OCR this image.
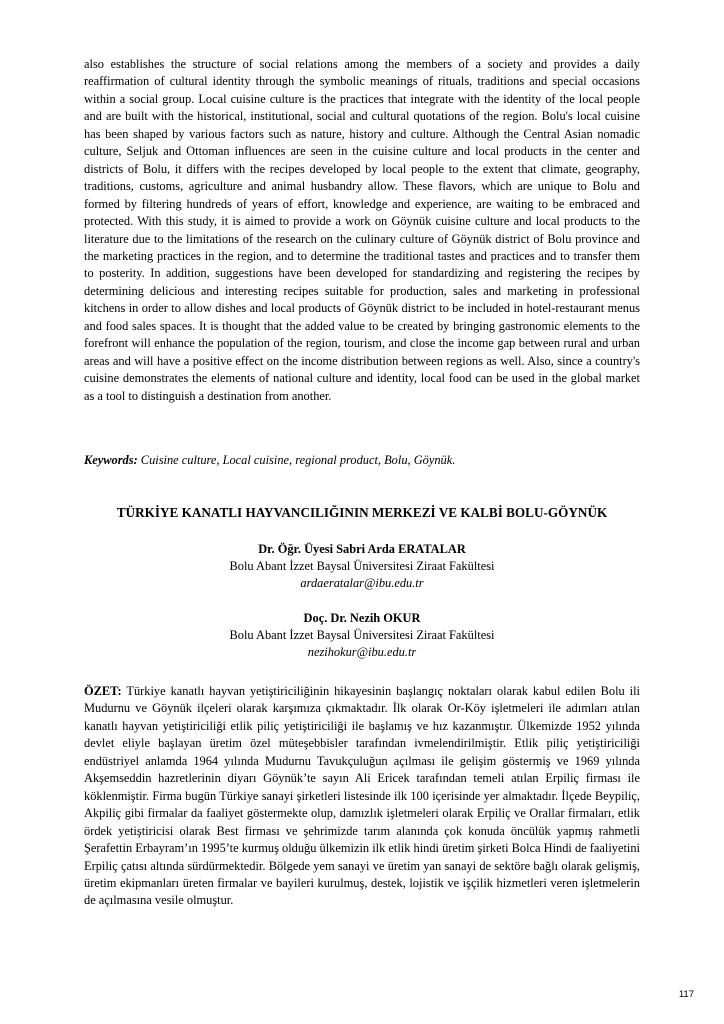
also establishes the structure of social relations among the members of a society and provides a daily reaffirmation of cultural identity through the symbolic meanings of rituals, traditions and special occasions within a social group. Local cuisine culture is the practices that integrate with the identity of the local people and are built with the historical, institutional, social and cultural quotations of the region. Bolu's local cuisine has been shaped by various factors such as nature, history and culture. Although the Central Asian nomadic culture, Seljuk and Ottoman influences are seen in the cuisine culture and local products in the center and districts of Bolu, it differs with the recipes developed by local people to the extent that climate, geography, traditions, customs, agriculture and animal husbandry allow. These flavors, which are unique to Bolu and formed by filtering hundreds of years of effort, knowledge and experience, are waiting to be embraced and protected. With this study, it is aimed to provide a work on Göynük cuisine culture and local products to the literature due to the limitations of the research on the culinary culture of Göynük district of Bolu province and the marketing practices in the region, and to determine the traditional tastes and practices and to transfer them to posterity. In addition, suggestions have been developed for standardizing and registering the recipes by determining delicious and interesting recipes suitable for production, sales and marketing in professional kitchens in order to allow dishes and local products of Göynük district to be included in hotel-restaurant menus and food sales spaces. It is thought that the added value to be created by bringing gastronomic elements to the forefront will enhance the population of the region, tourism, and close the income gap between rural and urban areas and will have a positive effect on the income distribution between regions as well. Also, since a country's cuisine demonstrates the elements of national culture and identity, local food can be used in the global market as a tool to distinguish a destination from another.

Keywords: Cuisine culture, Local cuisine, regional product, Bolu, Göynük.

TÜRKİYE KANATLI HAYVANCILIĞININ MERKEZİ VE KALBİ BOLU-GÖYNÜK
Dr. Öğr. Üyesi Sabri Arda ERATALAR
Bolu Abant İzzet Baysal Üniversitesi Ziraat Fakültesi
ardaeratalar@ibu.edu.tr
Doç. Dr. Nezih OKUR
Bolu Abant İzzet Baysal Üniversitesi Ziraat Fakültesi
nezihokur@ibu.edu.tr

ÖZET: Türkiye kanatlı hayvan yetiştiriciliğinin hikayesinin başlangıç noktaları olarak kabul edilen Bolu ili Mudurnu ve Göynük ilçeleri olarak karşımıza çıkmaktadır. İlk olarak Or-Köy işletmeleri ile adımları atılan kanatlı hayvan yetiştiriciliği etlik piliç yetiştiriciliği ile başlamış ve hız kazanmıştır. Ülkemizde 1952 yılında devlet eliyle başlayan üretim özel müteşebbisler tarafından ivmelendirilmiştir. Etlik piliç yetiştiriciliği endüstriyel anlamda 1964 yılında Mudurnu Tavukçuluğun açılması ile gelişim göstermiş ve 1969 yılında Akşemseddin hazretlerinin diyarı Göynük’te sayın Ali Ericek tarafından temeli atılan Erpiliç firması ile köklenmiştir. Firma bugün Türkiye sanayi şirketleri listesinde ilk 100 içerisinde yer almaktadır. İlçede Beypiliç, Akpiliç gibi firmalar da faaliyet göstermekte olup, damızlık işletmeleri olarak Erpiliç ve Orallar firmaları, etlik ördek yetiştiricisi olarak Best firması ve şehrimizde tarım alanında çok konuda öncülük yapmış rahmetli Şerafettin Erbayram’ın 1995’te kurmuş olduğu ülkemizin ilk etlik hindi üretim şirketi Bolca Hindi de faaliyetini Erpiliç çatısı altında sürdürmektedir. Bölgede yem sanayi ve üretim yan sanayi de sektöre bağlı olarak gelişmiş, üretim ekipmanları üreten firmalar ve bayileri kurulmuş, destek, lojistik ve işçilik hizmetleri veren işletmelerin de açılmasına vesile olmuştur.

117
